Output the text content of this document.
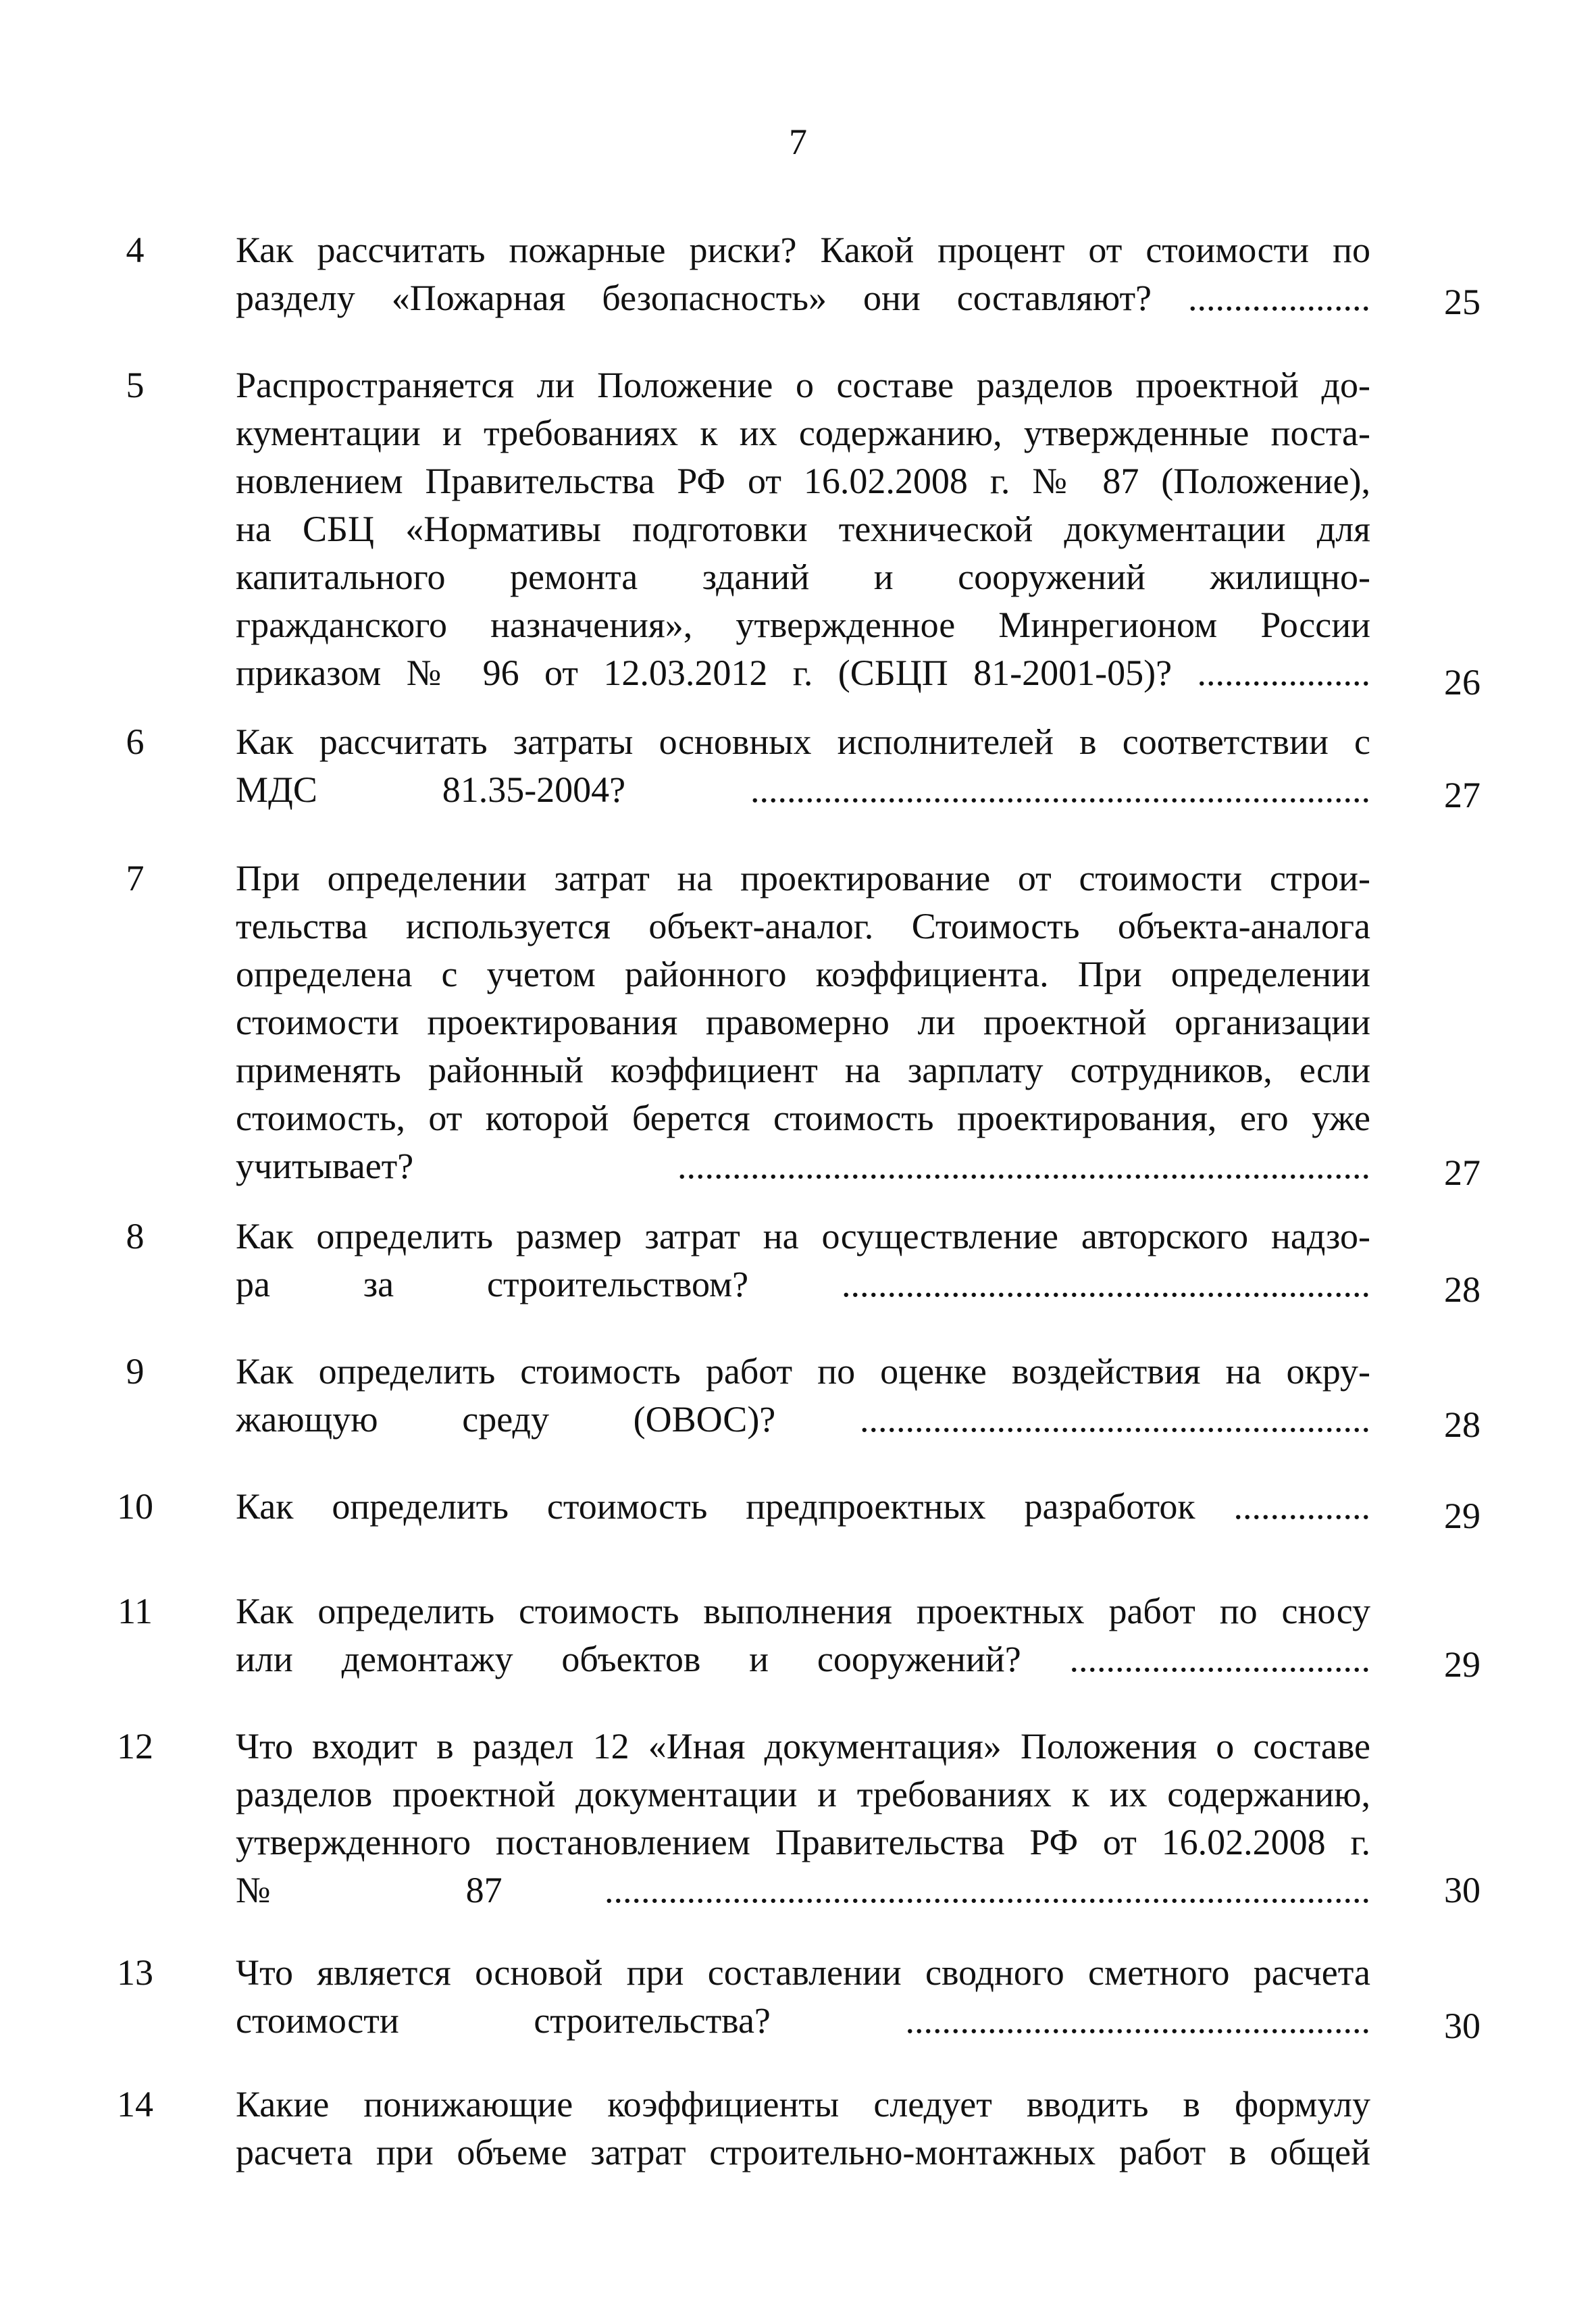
7
4	Как рассчитать пожарные риски? Какой процент от стоимости по
разделу «Пожарная безопасность» они составляют? ....................	25
5	Распространяется ли Положение о составе разделов проектной до-
кументации и требованиях к их содержанию, утвержденные поста-
новлением Правительства РФ от 16.02.2008 г. № 87 (Положение),
на СБЦ «Нормативы подготовки технической документации для
капитального ремонта зданий и сооружений жилищно-
гражданского назначения», утвержденное Минрегионом России
приказом № 96 от 12.03.2012 г. (СБЦП 81-2001-05)? ...................	26
6	Как рассчитать затраты основных исполнителей в соответствии с
МДС 81.35-2004? ....................................................................	27
7	При определении затрат на проектирование от стоимости строи-
тельства используется объект-аналог. Стоимость объекта-аналога
определена с учетом районного коэффициента. При определении
стоимости проектирования правомерно ли проектной организации
применять районный коэффициент на зарплату сотрудников, если
стоимость, от которой берется стоимость проектирования, его уже
учитывает? ............................................................................	27
8	Как определить размер затрат на осуществление авторского надзо-
ра за строительством? ..........................................................	28
9	Как определить стоимость работ по оценке воздействия на окру-
жающую среду (ОВОС)? ........................................................	28
10	Как определить стоимость предпроектных разработок ...............	29
11	Как определить стоимость выполнения проектных работ по сносу
или демонтажу объектов и сооружений? .................................	29
12	Что входит в раздел 12 «Иная документация» Положения о составе
разделов проектной документации и требованиях к их содержанию,
утвержденного постановлением Правительства РФ от 16.02.2008 г.
№ 87 ....................................................................................	30
13	Что является основой при составлении сводного сметного расчета
стоимости строительства? ...................................................	30
14	Какие понижающие коэффициенты следует вводить в формулу
расчета при объеме затрат строительно-монтажных работ в общей
